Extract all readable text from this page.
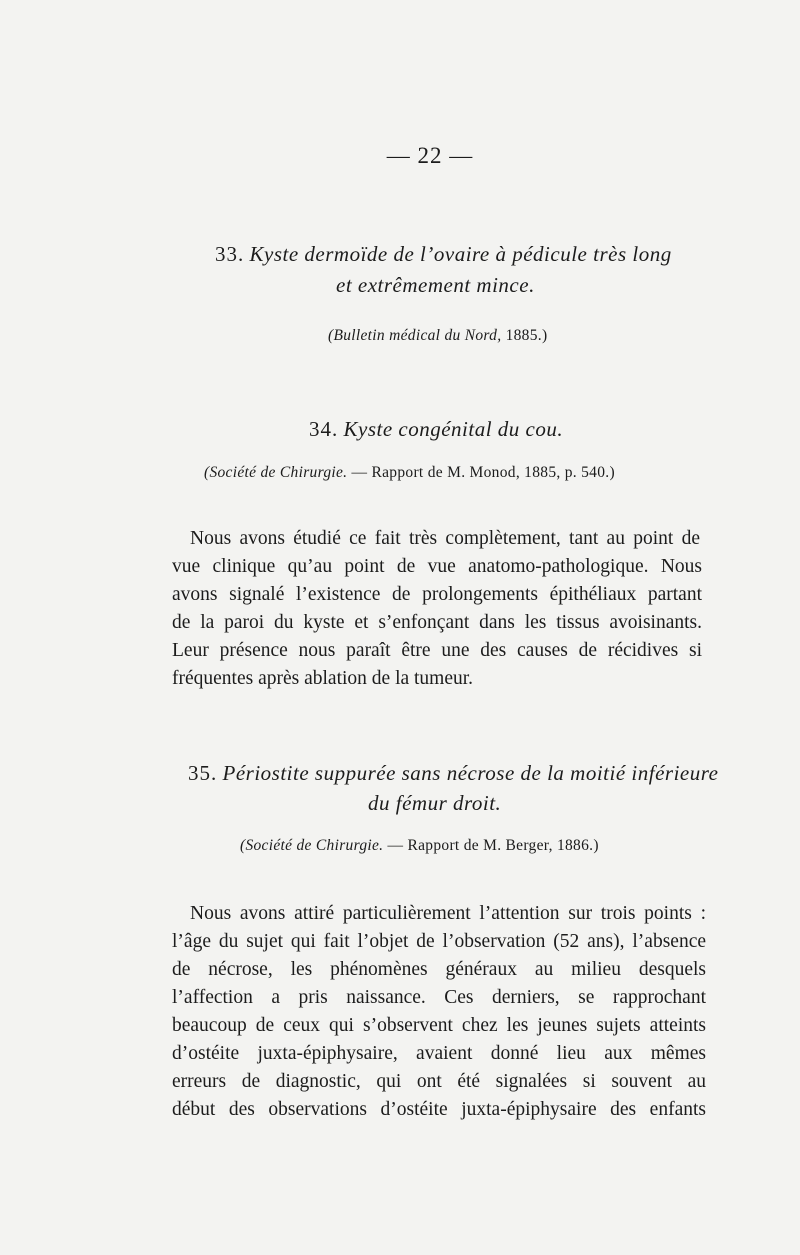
— 22 —
33. Kyste dermoïde de l’ovaire à pédicule très long
et extrêmement mince.
(Bulletin médical du Nord, 1885.)
34. Kyste congénital du cou.
(Société de Chirurgie. — Rapport de M. Monod, 1885, p. 540.)
Nous avons étudié ce fait très complètement, tant au point de
vue clinique qu’au point de vue anatomo-pathologique. Nous
avons signalé l’existence de prolongements épithéliaux partant
de la paroi du kyste et s’enfonçant dans les tissus avoisinants.
Leur présence nous paraît être une des causes de récidives si
fréquentes après ablation de la tumeur.
35. Périostite suppurée sans nécrose de la moitié inférieure
du fémur droit.
(Société de Chirurgie. — Rapport de M. Berger, 1886.)
Nous avons attiré particulièrement l’attention sur trois points :
l’âge du sujet qui fait l’objet de l’observation (52 ans), l’absence
de nécrose, les phénomènes généraux au milieu desquels
l’affection a pris naissance. Ces derniers, se rapprochant
beaucoup de ceux qui s’observent chez les jeunes sujets atteints
d’ostéite juxta-épiphysaire, avaient donné lieu aux mêmes
erreurs de diagnostic, qui ont été signalées si souvent au
début des observations d’ostéite juxta-épiphysaire des enfants
